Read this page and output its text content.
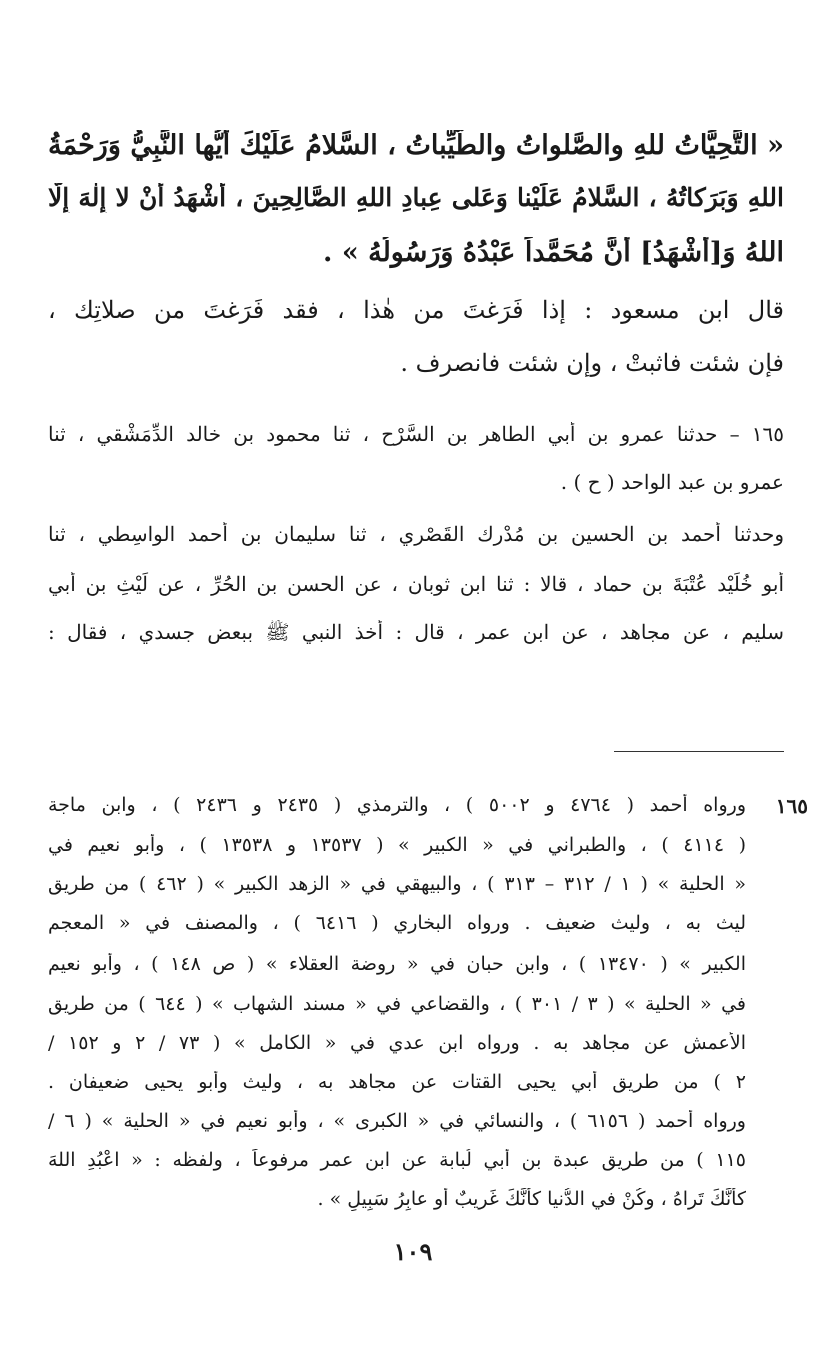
« التَّحِيَّاتُ للهِ والصَّلواتُ والطَّيِّباتُ ، السَّلامُ عَلَيْكَ أَيُّها النَّبِيُّ وَرَحْمَةُ
اللهِ وَبَرَكاتُهُ ، السَّلامُ عَلَيْنا وَعَلى عِبادِ اللهِ الصَّالِحِينَ ، أَشْهَدُ أَنْ لا إِلٰهَ إِلَّا
اللهُ وَ[أَشْهَدُ] أَنَّ مُحَمَّداً عَبْدُهُ وَرَسُولُهُ » .
قال ابن مسعود : إذا فَرَغتَ من هٰذا ، فقد فَرَغتَ من صلاتِك ،
فإن شئت فاثبتْ ، وإن شئت فانصرف .
١٦٥ – حدثنا عمرو بن أبي الطاهر بن السَّرْح ، ثنا محمود بن خالد الدِّمَشْقي ، ثنا
عمرو بن عبد الواحد ( ح ) .
وحدثنا أحمد بن الحسين بن مُدْرِك القَصْري ، ثنا سليمان بن أحمد الواسِطي ، ثنا
أبو خُلَيْد عُتْبَةَ بن حماد ، قالا : ثنا ابن ثوبان ، عن الحسن بن الحُرِّ ، عن لَيْثِ بن أبي
سليم ، عن مجاهد ، عن ابن عمر ، قال : أخذ النبي ﷺ ببعض جسدي ، فقال :
١٦٥
ورواه أحمد ( ٤٧٦٤ و ٥٠٠٢ ) ، والترمذي ( ٢٤٣٥ و ٢٤٣٦ ) ، وابن ماجة
( ٤١١٤ ) ، والطبراني في « الكبير » ( ١٣٥٣٧ و ١٣٥٣٨ ) ، وأبو نعيم في
« الحلية » ( ١ / ٣١٢ – ٣١٣ ) ، والبيهقي في « الزهد الكبير » ( ٤٦٢ ) من طريق
ليث به ، وليث ضعيف . ورواه البخاري ( ٦٤١٦ ) ، والمصنف في « المعجم
الكبير » ( ١٣٤٧٠ ) ، وابن حبان في « روضة العقلاء » ( ص ١٤٨ ) ، وأبو نعيم
في « الحلية » ( ٣ / ٣٠١ ) ، والقضاعي في « مسند الشهاب » ( ٦٤٤ ) من طريق
الأعمش عن مجاهد به . ورواه ابن عدي في « الكامل » ( ٧٣ / ٢ و ١٥٢ /
٢ ) من طريق أبي يحيى القتات عن مجاهد به ، وليث وأبو يحيى ضعيفان .
ورواه أحمد ( ٦١٥٦ ) ، والنسائي في « الكبرى » ، وأبو نعيم في « الحلية » ( ٦ /
١١٥ ) من طريق عبدة بن أبي لُبابة عن ابن عمر مرفوعاً ، ولفظه : « اعْبُدِ اللهَ
كأَنَّكَ تَراهُ ، وكُنْ في الدُّنيا كأَنَّكَ غَريبٌ أو عابِرُ سَبِيلٍ » .
١٠٩
